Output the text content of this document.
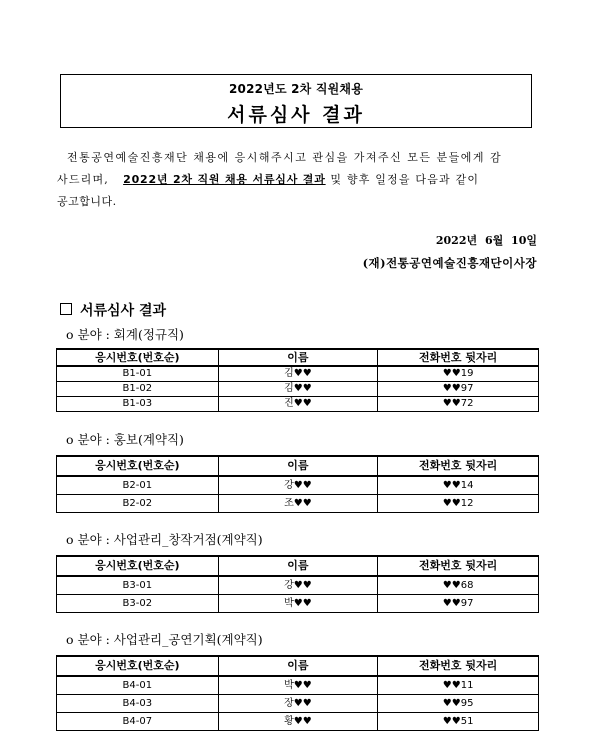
2022년도 2차 직원채용
서류심사 결과
전통공연예술진흥재단 채용에 응시해주시고 관심을 가져주신 모든 분들에게 감
사드리며, 2022년 2차 직원 채용 서류심사 결과 및 향후 일정을 다음과 같이
공고합니다.
2022년 6월 10일
(재)전통공연예술진흥재단이사장
서류심사 결과
o 분야 : 회계(정규직)
응시번호(번호순)	이름	전화번호 뒷자리
B1-01	김♥♥	♥♥19
B1-02	김♥♥	♥♥97
B1-03	진♥♥	♥♥72
o 분야 : 홍보(계약직)
응시번호(번호순)	이름	전화번호 뒷자리
B2-01	강♥♥	♥♥14
B2-02	조♥♥	♥♥12
o 분야 : 사업관리_창작거점(계약직)
응시번호(번호순)	이름	전화번호 뒷자리
B3-01	강♥♥	♥♥68
B3-02	박♥♥	♥♥97
o 분야 : 사업관리_공연기획(계약직)
응시번호(번호순)	이름	전화번호 뒷자리
B4-01	박♥♥	♥♥11
B4-03	장♥♥	♥♥95
B4-07	황♥♥	♥♥51
